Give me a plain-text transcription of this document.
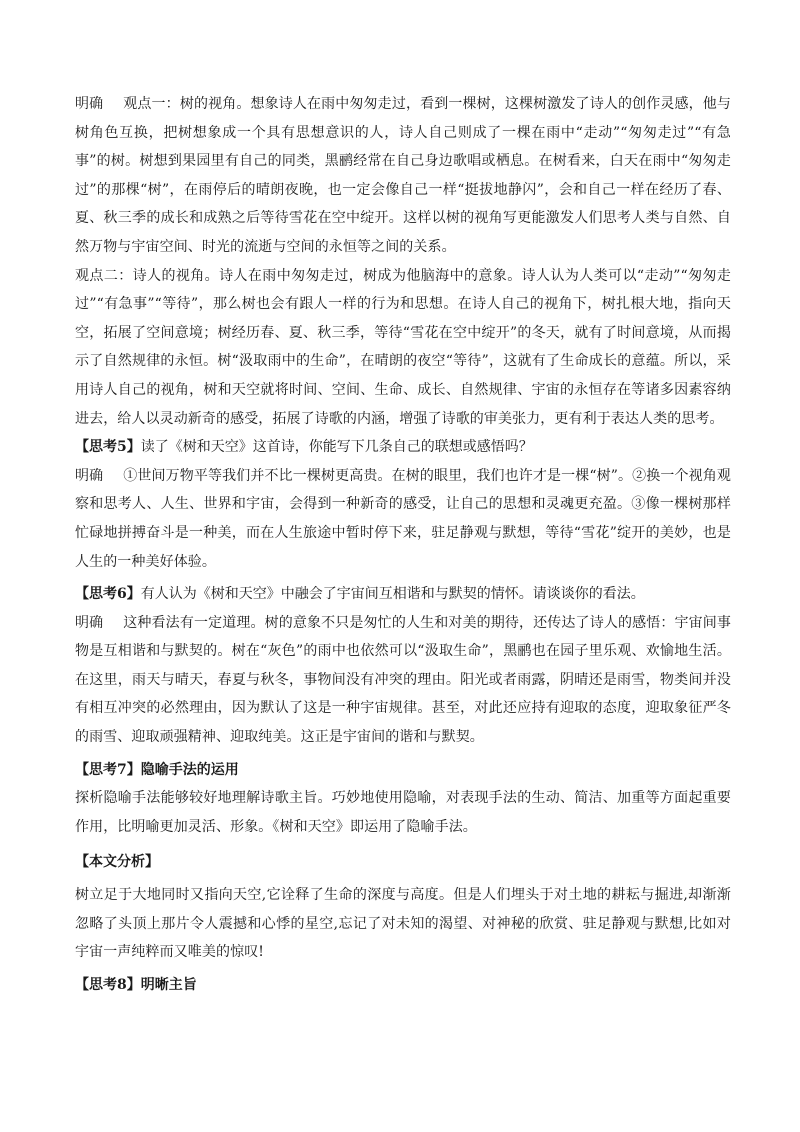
明确 观点一：树的视角。想象诗人在雨中匆匆走过，看到一棵树，这棵树激发了诗人的创作灵感，他与树角色互换，把树想象成一个具有思想意识的人，诗人自己则成了一棵在雨中“走动”“匆匆走过”“有急事”的树。树想到果园里有自己的同类，黑鹂经常在自己身边歌唱或栖息。在树看来，白天在雨中“匆匆走过”的那棵“树”，在雨停后的晴朗夜晚，也一定会像自己一样“挺拔地静闪”，会和自己一样在经历了春、夏、秋三季的成长和成熟之后等待雪花在空中绽开。这样以树的视角写更能激发人们思考人类与自然、自然万物与宇宙空间、时光的流逝与空间的永恒等之间的关系。

观点二：诗人的视角。诗人在雨中匆匆走过，树成为他脑海中的意象。诗人认为人类可以“走动”“匆匆走过”“有急事”“等待”，那么树也会有跟人一样的行为和思想。在诗人自己的视角下，树扎根大地，指向天空，拓展了空间意境；树经历春、夏、秋三季，等待“雪花在空中绽开”的冬天，就有了时间意境，从而揭示了自然规律的永恒。树“汲取雨中的生命”，在晴朗的夜空“等待”，这就有了生命成长的意蕴。所以，采用诗人自己的视角，树和天空就将时间、空间、生命、成长、自然规律、宇宙的永恒存在等诸多因素容纳进去，给人以灵动新奇的感受，拓展了诗歌的内涵，增强了诗歌的审美张力，更有利于表达人类的思考。

【思考5】读了《树和天空》这首诗，你能写下几条自己的联想或感悟吗？

明确 ①世间万物平等我们并不比一棵树更高贵。在树的眼里，我们也许才是一棵“树”。②换一个视角观察和思考人、人生、世界和宇宙，会得到一种新奇的感受，让自己的思想和灵魂更充盈。③像一棵树那样忙碌地拼搏奋斗是一种美，而在人生旅途中暂时停下来，驻足静观与默想，等待“雪花”绽开的美妙，也是人生的一种美好体验。

【思考6】有人认为《树和天空》中融会了宇宙间互相谐和与默契的情怀。请谈谈你的看法。

明确 这种看法有一定道理。树的意象不只是匆忙的人生和对美的期待，还传达了诗人的感悟：宇宙间事物是互相谐和与默契的。树在“灰色”的雨中也依然可以“汲取生命”，黑鹂也在园子里乐观、欢愉地生活。在这里，雨天与晴天，春夏与秋冬，事物间没有冲突的理由。阳光或者雨露，阴晴还是雨雪，物类间并没有相互冲突的必然理由，因为默认了这是一种宇宙规律。甚至，对此还应持有迎取的态度，迎取象征严冬的雨雪、迎取顽强精神、迎取纯美。这正是宇宙间的谐和与默契。

【思考7】隐喻手法的运用

探析隐喻手法能够较好地理解诗歌主旨。巧妙地使用隐喻，对表现手法的生动、简洁、加重等方面起重要作用，比明喻更加灵活、形象。《树和天空》即运用了隐喻手法。

【本文分析】

树立足于大地同时又指向天空,它诠释了生命的深度与高度。但是人们埋头于对土地的耕耘与掘进,却渐渐忽略了头顶上那片令人震撼和心悸的星空,忘记了对未知的渴望、对神秘的欣赏、驻足静观与默想,比如对宇宙一声纯粹而又唯美的惊叹!

【思考8】明晰主旨
